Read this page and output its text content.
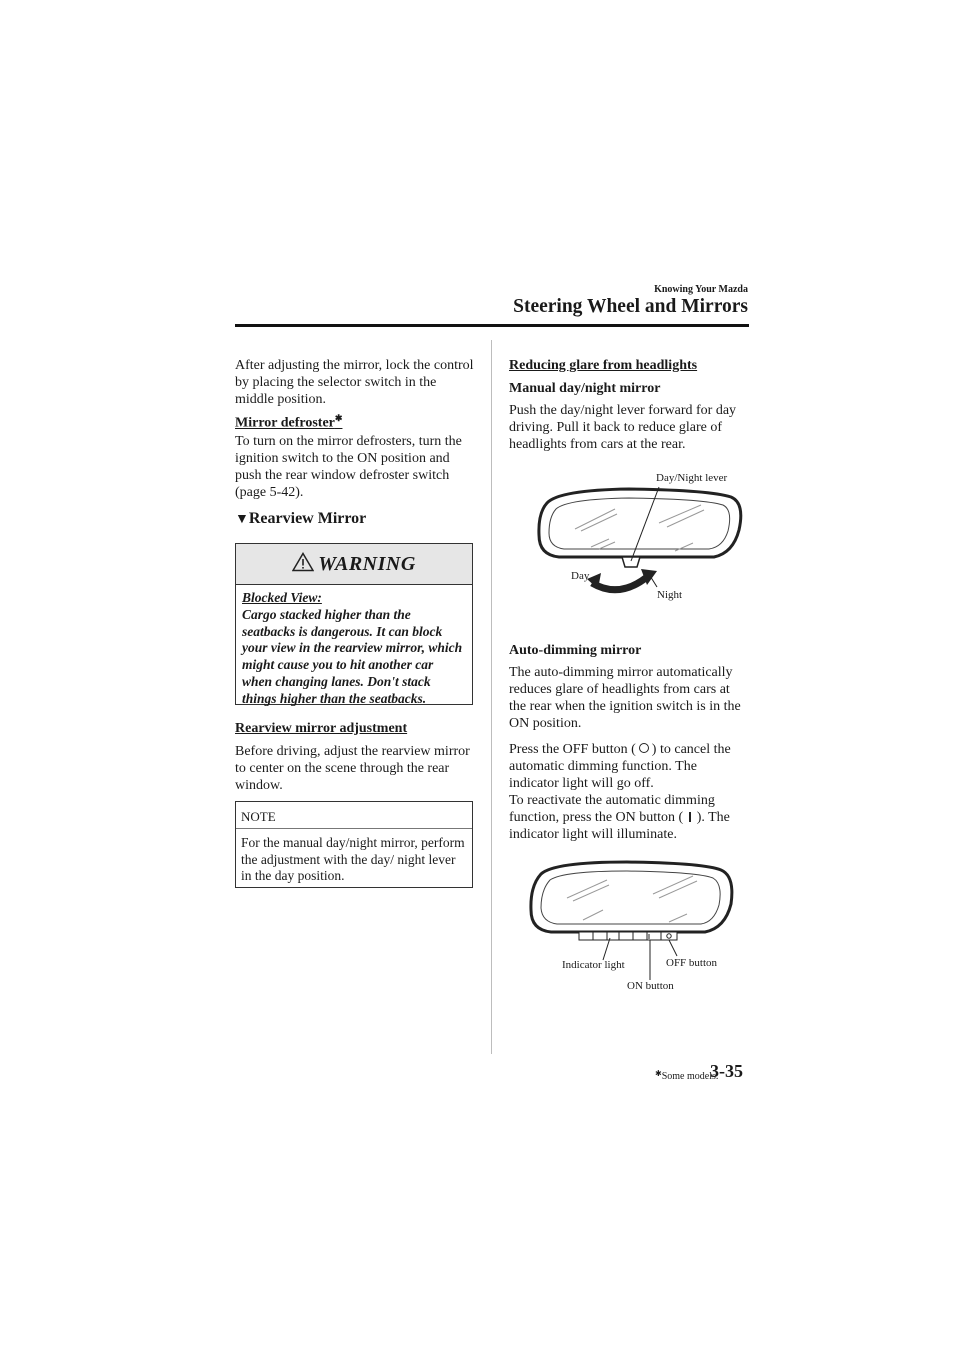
Knowing Your Mazda
Steering Wheel and Mirrors

After adjusting the mirror, lock the control by placing the selector switch in the middle position.

Mirror defroster✱

To turn on the mirror defrosters, turn the ignition switch to the ON position and push the rear window defroster switch (page 5-42).

▼Rearview Mirror
WARNING
Blocked View:
Cargo stacked higher than the seatbacks is dangerous. It can block your view in the rearview mirror, which might cause you to hit another car when changing lanes. Don't stack things higher than the seatbacks.
Rearview mirror adjustment

Before driving, adjust the rearview mirror to center on the scene through the rear window.

NOTE
For the manual day/night mirror, perform the adjustment with the day/ night lever in the day position.
Reducing glare from headlights
Manual day/night mirror

Push the day/night lever forward for day driving. Pull it back to reduce glare of headlights from cars at the rear.

Day/Night lever
Day
Night
Auto-dimming mirror

The auto-dimming mirror automatically reduces glare of headlights from cars at the rear when the ignition switch is in the ON position.

Press the OFF button ( ) to cancel the automatic dimming function. The indicator light will go off.
To reactivate the automatic dimming function, press the ON button ( ). The indicator light will illuminate.
Indicator light	OFF button
ON button
✱Some models.
3-35
